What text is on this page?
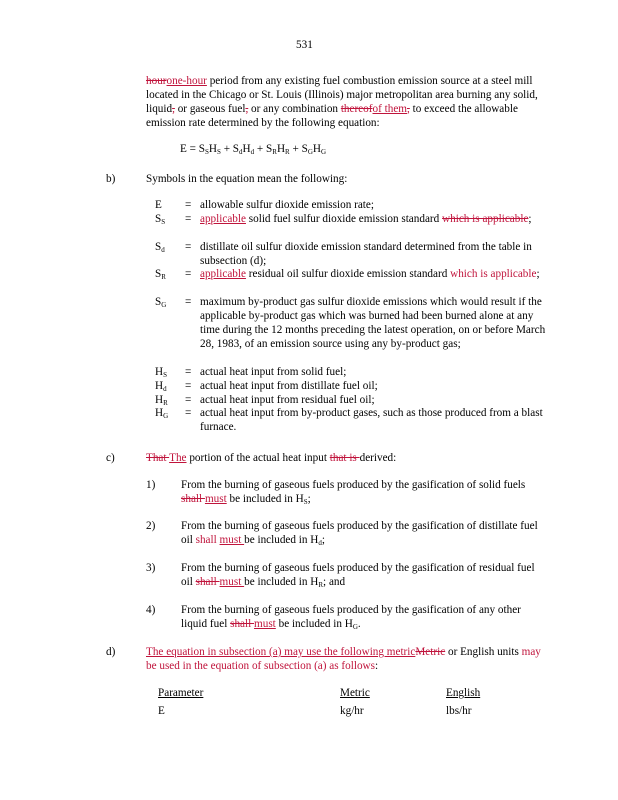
531
hourone-hour period from any existing fuel combustion emission source at a steel mill located in the Chicago or St. Louis (Illinois) major metropolitan area burning any solid, liquid, or gaseous fuel, or any combination thereofof them, to exceed the allowable emission rate determined by the following equation:
$E = S_SH_S + S_dH_d + S_RH_R + S_GH_G$
b)	Symbols in the equation mean the following:
E	= allowable sulfur dioxide emission rate;
$S_S$	= applicable solid fuel sulfur dioxide emission standard which is applicable;
$S_d$	= distillate oil sulfur dioxide emission standard determined from the table in subsection (d);
$S_R$	= applicable residual oil sulfur dioxide emission standard which is applicable;
$S_G$	= maximum by-product gas sulfur dioxide emissions which would result if the applicable by-product gas which was burned had been burned alone at any time during the 12 months preceding the latest operation, on or before March 28, 1983, of an emission source using any by-product gas;
$H_S$	= actual heat input from solid fuel;
$H_d$	= actual heat input from distillate fuel oil;
$H_R$	= actual heat input from residual fuel oil;
$H_G$	= actual heat input from by-product gases, such as those produced from a blast furnace.
c)	That The portion of the actual heat input that is derived:
1) From the burning of gaseous fuels produced by the gasification of solid fuels shall must be included in $H_S$;
2) From the burning of gaseous fuels produced by the gasification of distillate fuel oil shall must be included in $H_d$;
3) From the burning of gaseous fuels produced by the gasification of residual fuel oil shall must be included in $H_R$; and
4) From the burning of gaseous fuels produced by the gasification of any other liquid fuel shall must be included in $H_G$.
d)	The equation in subsection (a) may use the following metricMetric or English units may be used in the equation of subsection (a) as follows:
Parameter	Metric	English
E	kg/hr	lbs/hr
